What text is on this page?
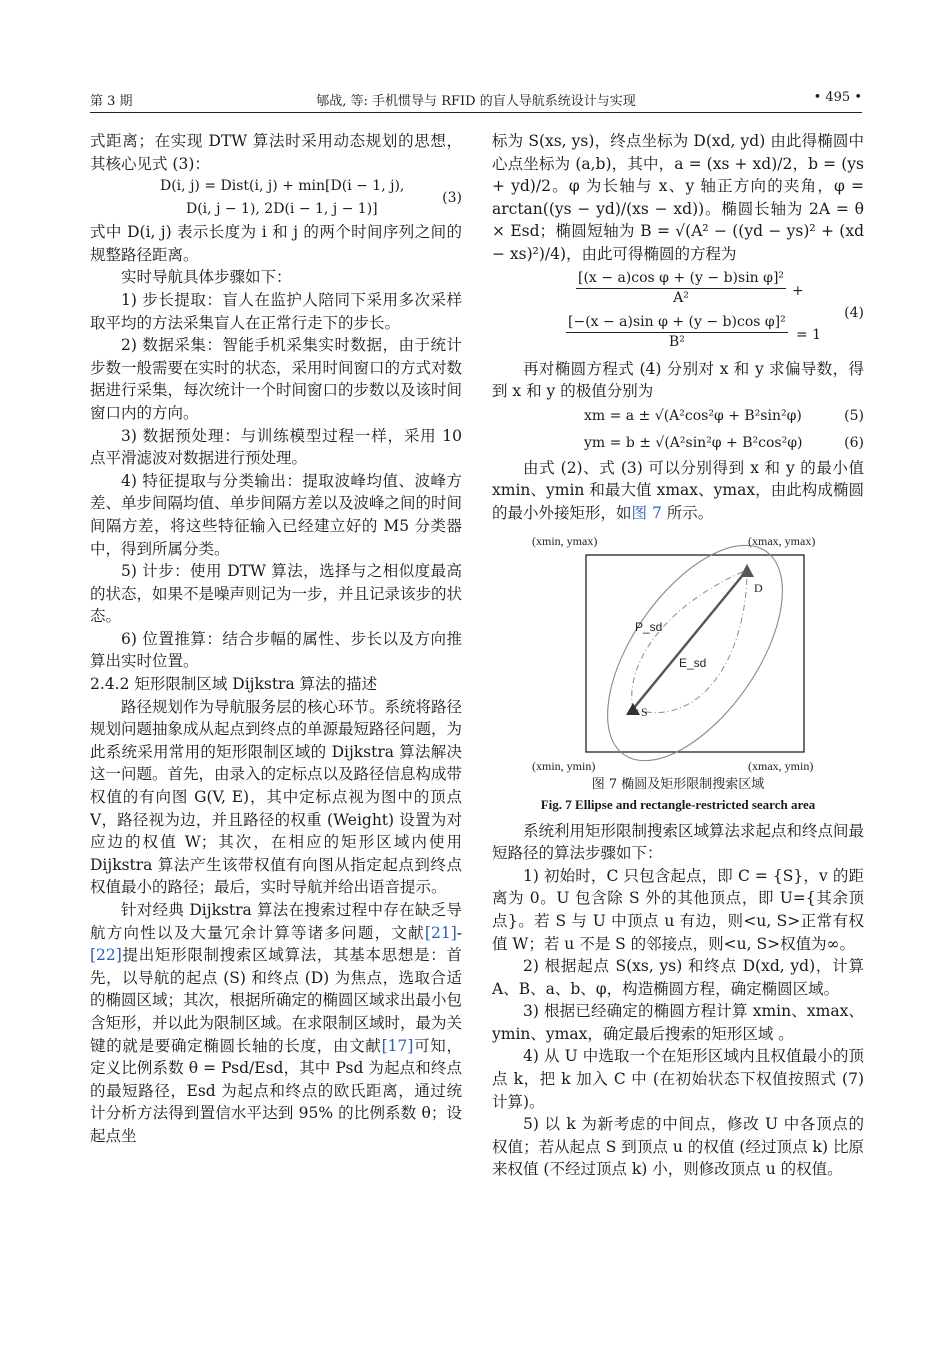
第 3 期	郇战, 等: 手机惯导与 RFID 的盲人导航系统设计与实现	• 495 •

式距离；在实现 DTW 算法时采用动态规划的思想，其核心见式 (3)：

D(i, j) = Dist(i, j) + min[D(i − 1, j),
D(i, j − 1), 2D(i − 1, j − 1)]
(3)

式中 D(i, j) 表示长度为 i 和 j 的两个时间序列之间的规整路径距离。

实时导航具体步骤如下：

1) 步长提取：盲人在监护人陪同下采用多次采样取平均的方法采集盲人在正常行走下的步长。

2) 数据采集：智能手机采集实时数据，由于统计步数一般需要在实时的状态，采用时间窗口的方式对数据进行采集，每次统计一个时间窗口的步数以及该时间窗口内的方向。

3) 数据预处理：与训练模型过程一样，采用 10 点平滑滤波对数据进行预处理。

4) 特征提取与分类输出：提取波峰均值、波峰方差、单步间隔均值、单步间隔方差以及波峰之间的时间间隔方差，将这些特征输入已经建立好的 M5 分类器中，得到所属分类。

5) 计步：使用 DTW 算法，选择与之相似度最高的状态，如果不是噪声则记为一步，并且记录该步的状态。

6) 位置推算：结合步幅的属性、步长以及方向推算出实时位置。

2.4.2 矩形限制区域 Dijkstra 算法的描述

路径规划作为导航服务层的核心环节。系统将路径规划问题抽象成从起点到终点的单源最短路径问题，为此系统采用常用的矩形限制区域的 Dijkstra 算法解决这一问题。首先，由录入的定标点以及路径信息构成带权值的有向图 G(V, E)，其中定标点视为图中的顶点 V，路径视为边，并且路径的权重 (Weight) 设置为对应边的权值 W；其次，在相应的矩形区域内使用 Dijkstra 算法产生该带权值有向图从指定起点到终点权值最小的路径；最后，实时导航并给出语音提示。

针对经典 Dijkstra 算法在搜索过程中存在缺乏导航方向性以及大量冗余计算等诸多问题，文献[21]-[22]提出矩形限制搜索区域算法，其基本思想是：首先，以导航的起点 (S) 和终点 (D) 为焦点，选取合适的椭圆区域；其次，根据所确定的椭圆区域求出最小包含矩形，并以此为限制区域。在求限制区域时，最为关键的就是要确定椭圆长轴的长度，由文献[17]可知，定义比例系数 θ = Psd/Esd，其中 Psd 为起点和终点的最短路径，Esd 为起点和终点的欧氏距离，通过统计分析方法得到置信水平达到 95% 的比例系数 θ；设起点坐

标为 S(xs, ys)，终点坐标为 D(xd, yd) 由此得椭圆中心点坐标为 (a,b)，其中，a = (xs + xd)/2，b = (ys + yd)/2。φ 为长轴与 x、y 轴正方向的夹角，φ = arctan((ys − yd)/(xs − xd))。椭圆长轴为 2A = θ × Esd；椭圆短轴为 B = √(A² − ((yd − ys)² + (xd − xs)²)/4)，由此可得椭圆的方程为

$\frac{\text{[(x − a)cos φ + (y − b)sin φ]²}}{\text{A²}}$ +
$\frac{\text{[−(x − a)sin φ + (y − b)cos φ]²}}{\text{B²}} = 1$
(4)

再对椭圆方程式 (4) 分别对 x 和 y 求偏导数，得到 x 和 y 的极值分别为

xm = a ± √(A²cos²φ + B²sin²φ)	(5)
ym = b ± √(A²sin²φ + B²cos²φ)	(6)

由式 (2)、式 (3) 可以分别得到 x 和 y 的最小值 xmin、ymin 和最大值 xmax、ymax，由此构成椭圆的最小外接矩形，如图 7 所示。

(xmin, ymax)	(xmax, ymax)
(xmin, ymin)	(xmax, ymin)
D
S
P_sd
E_sd
图 7 椭圆及矩形限制搜索区域
Fig. 7 Ellipse and rectangle-restricted search area

系统利用矩形限制搜索区域算法求起点和终点间最短路径的算法步骤如下：

1) 初始时，C 只包含起点，即 C = {S}，v 的距离为 0。U 包含除 S 外的其他顶点，即 U={其余顶点}。若 S 与 U 中顶点 u 有边，则<u, S>正常有权值 W；若 u 不是 S 的邻接点，则<u, S>权值为∞。

2) 根据起点 S(xs, ys) 和终点 D(xd, yd)，计算 A、B、a、b、φ，构造椭圆方程，确定椭圆区域。

3) 根据已经确定的椭圆方程计算 xmin、xmax、ymin、ymax，确定最后搜索的矩形区域 。

4) 从 U 中选取一个在矩形区域内且权值最小的顶点 k，把 k 加入 C 中 (在初始状态下权值按照式 (7) 计算)。

5) 以 k 为新考虑的中间点，修改 U 中各顶点的权值；若从起点 S 到顶点 u 的权值 (经过顶点 k) 比原来权值 (不经过顶点 k) 小，则修改顶点 u 的权值。
